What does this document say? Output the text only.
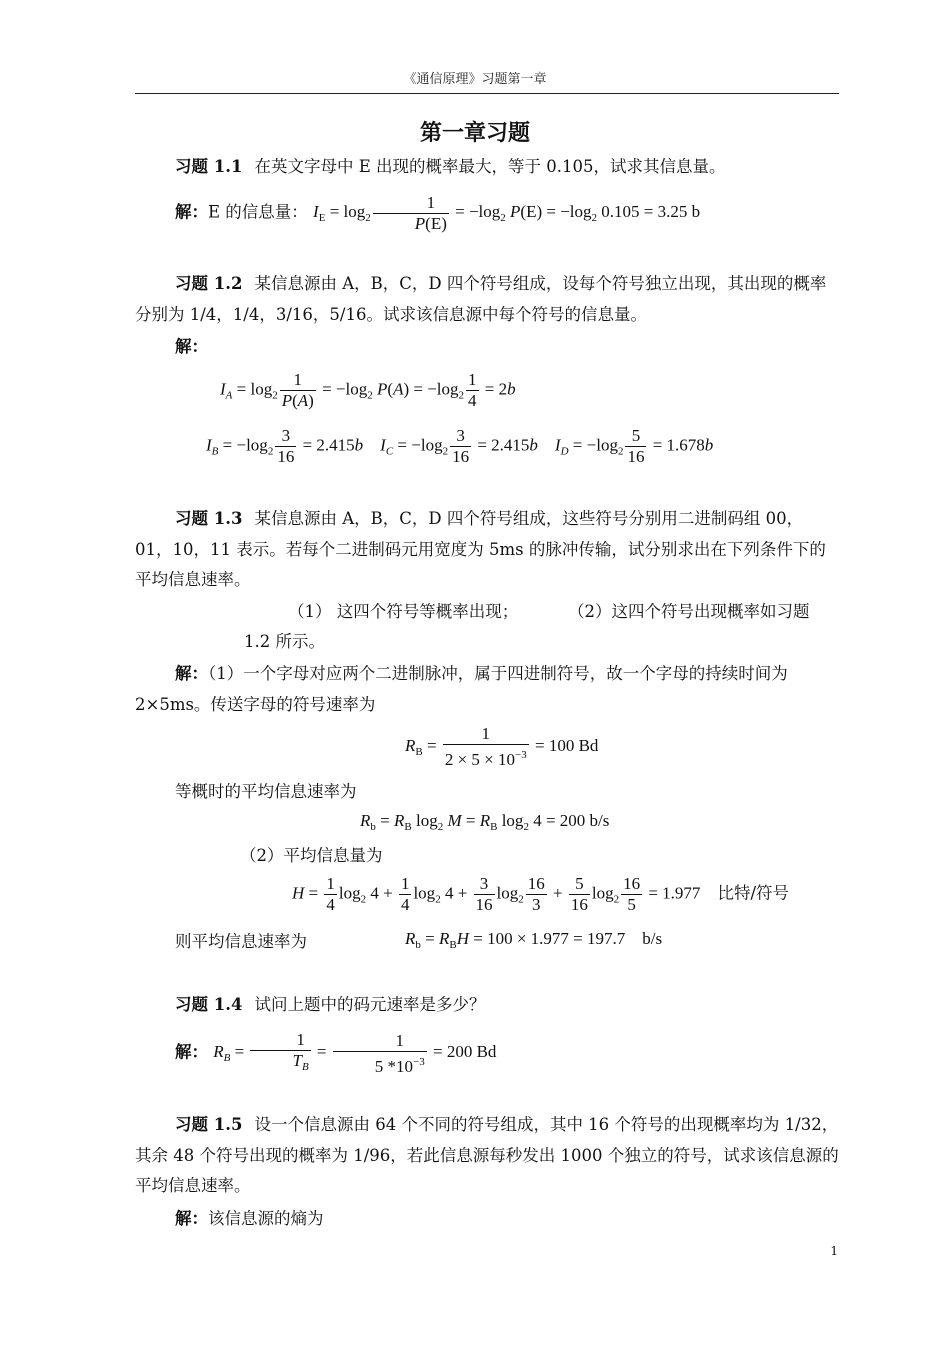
《通信原理》习题第一章
第一章习题
习题 1.1 在英文字母中 E 出现的概率最大，等于 0.105，试求其信息量。
解：E 的信息量： $I_E = \log_2 \frac{1}{P(E)} = -\log_2$ $P(E) = -\log_2$ 0.105 = 3.25 b
习题 1.2 某信息源由 A，B，C，D 四个符号组成，设每个符号独立出现，其出现的概率分别为 1/4，1/4，3/16，5/16。试求该信息源中每个符号的信息量。
解：
$I_A = \log_2 \frac{1}{P(A)} = -\log_2$ $P(A) = -\log_2 \frac{1}{4} = 2b$
$I_B = -\log_2 \frac{3}{16} = 2.415b$ $I_C = -\log_2 \frac{3}{16} = 2.415b$ $I_D = -\log_2 \frac{5}{16} = 1.678b$
习题 1.3 某信息源由 A，B，C，D 四个符号组成，这些符号分别用二进制码组 00，01，10，11 表示。若每个二进制码元用宽度为 5ms 的脉冲传输，试分别求出在下列条件下的平均信息速率。
（1） 这四个符号等概率出现；	（2）这四个符号出现概率如习题
1.2 所示。
解：（1）一个字母对应两个二进制脉冲，属于四进制符号，故一个字母的持续时间为 2×5ms。传送字母的符号速率为
$R_B = \frac{1}{2 \times 5 \times 10^{-3}} = 100$ Bd
等概时的平均信息速率为
$R_b = R_B$ $\log_2 M = R_B$ $\log_2 4 = 200$ b/s
（2）平均信息量为
$H = \frac{1}{4} \log_2 4 + \frac{1}{4} \log_2 4 + \frac{3}{16} \log_2 \frac{16}{3} + \frac{5}{16} \log_2 \frac{16}{5} = 1.977$    比特/符号
则平均信息速率为	$R_b = R_BH = 100 \times 1.977 = 197.7$    b/s
习题 1.4 试问上题中的码元速率是多少？
解： $R_B = \frac{1}{T_B} = \frac{1}{5 *10^{-3}} = 200$ Bd
习题 1.5 设一个信息源由 64 个不同的符号组成，其中 16 个符号的出现概率均为 1/32，其余 48 个符号出现的概率为 1/96，若此信息源每秒发出 1000 个独立的符号，试求该信息源的平均信息速率。
解：该信息源的熵为
1
